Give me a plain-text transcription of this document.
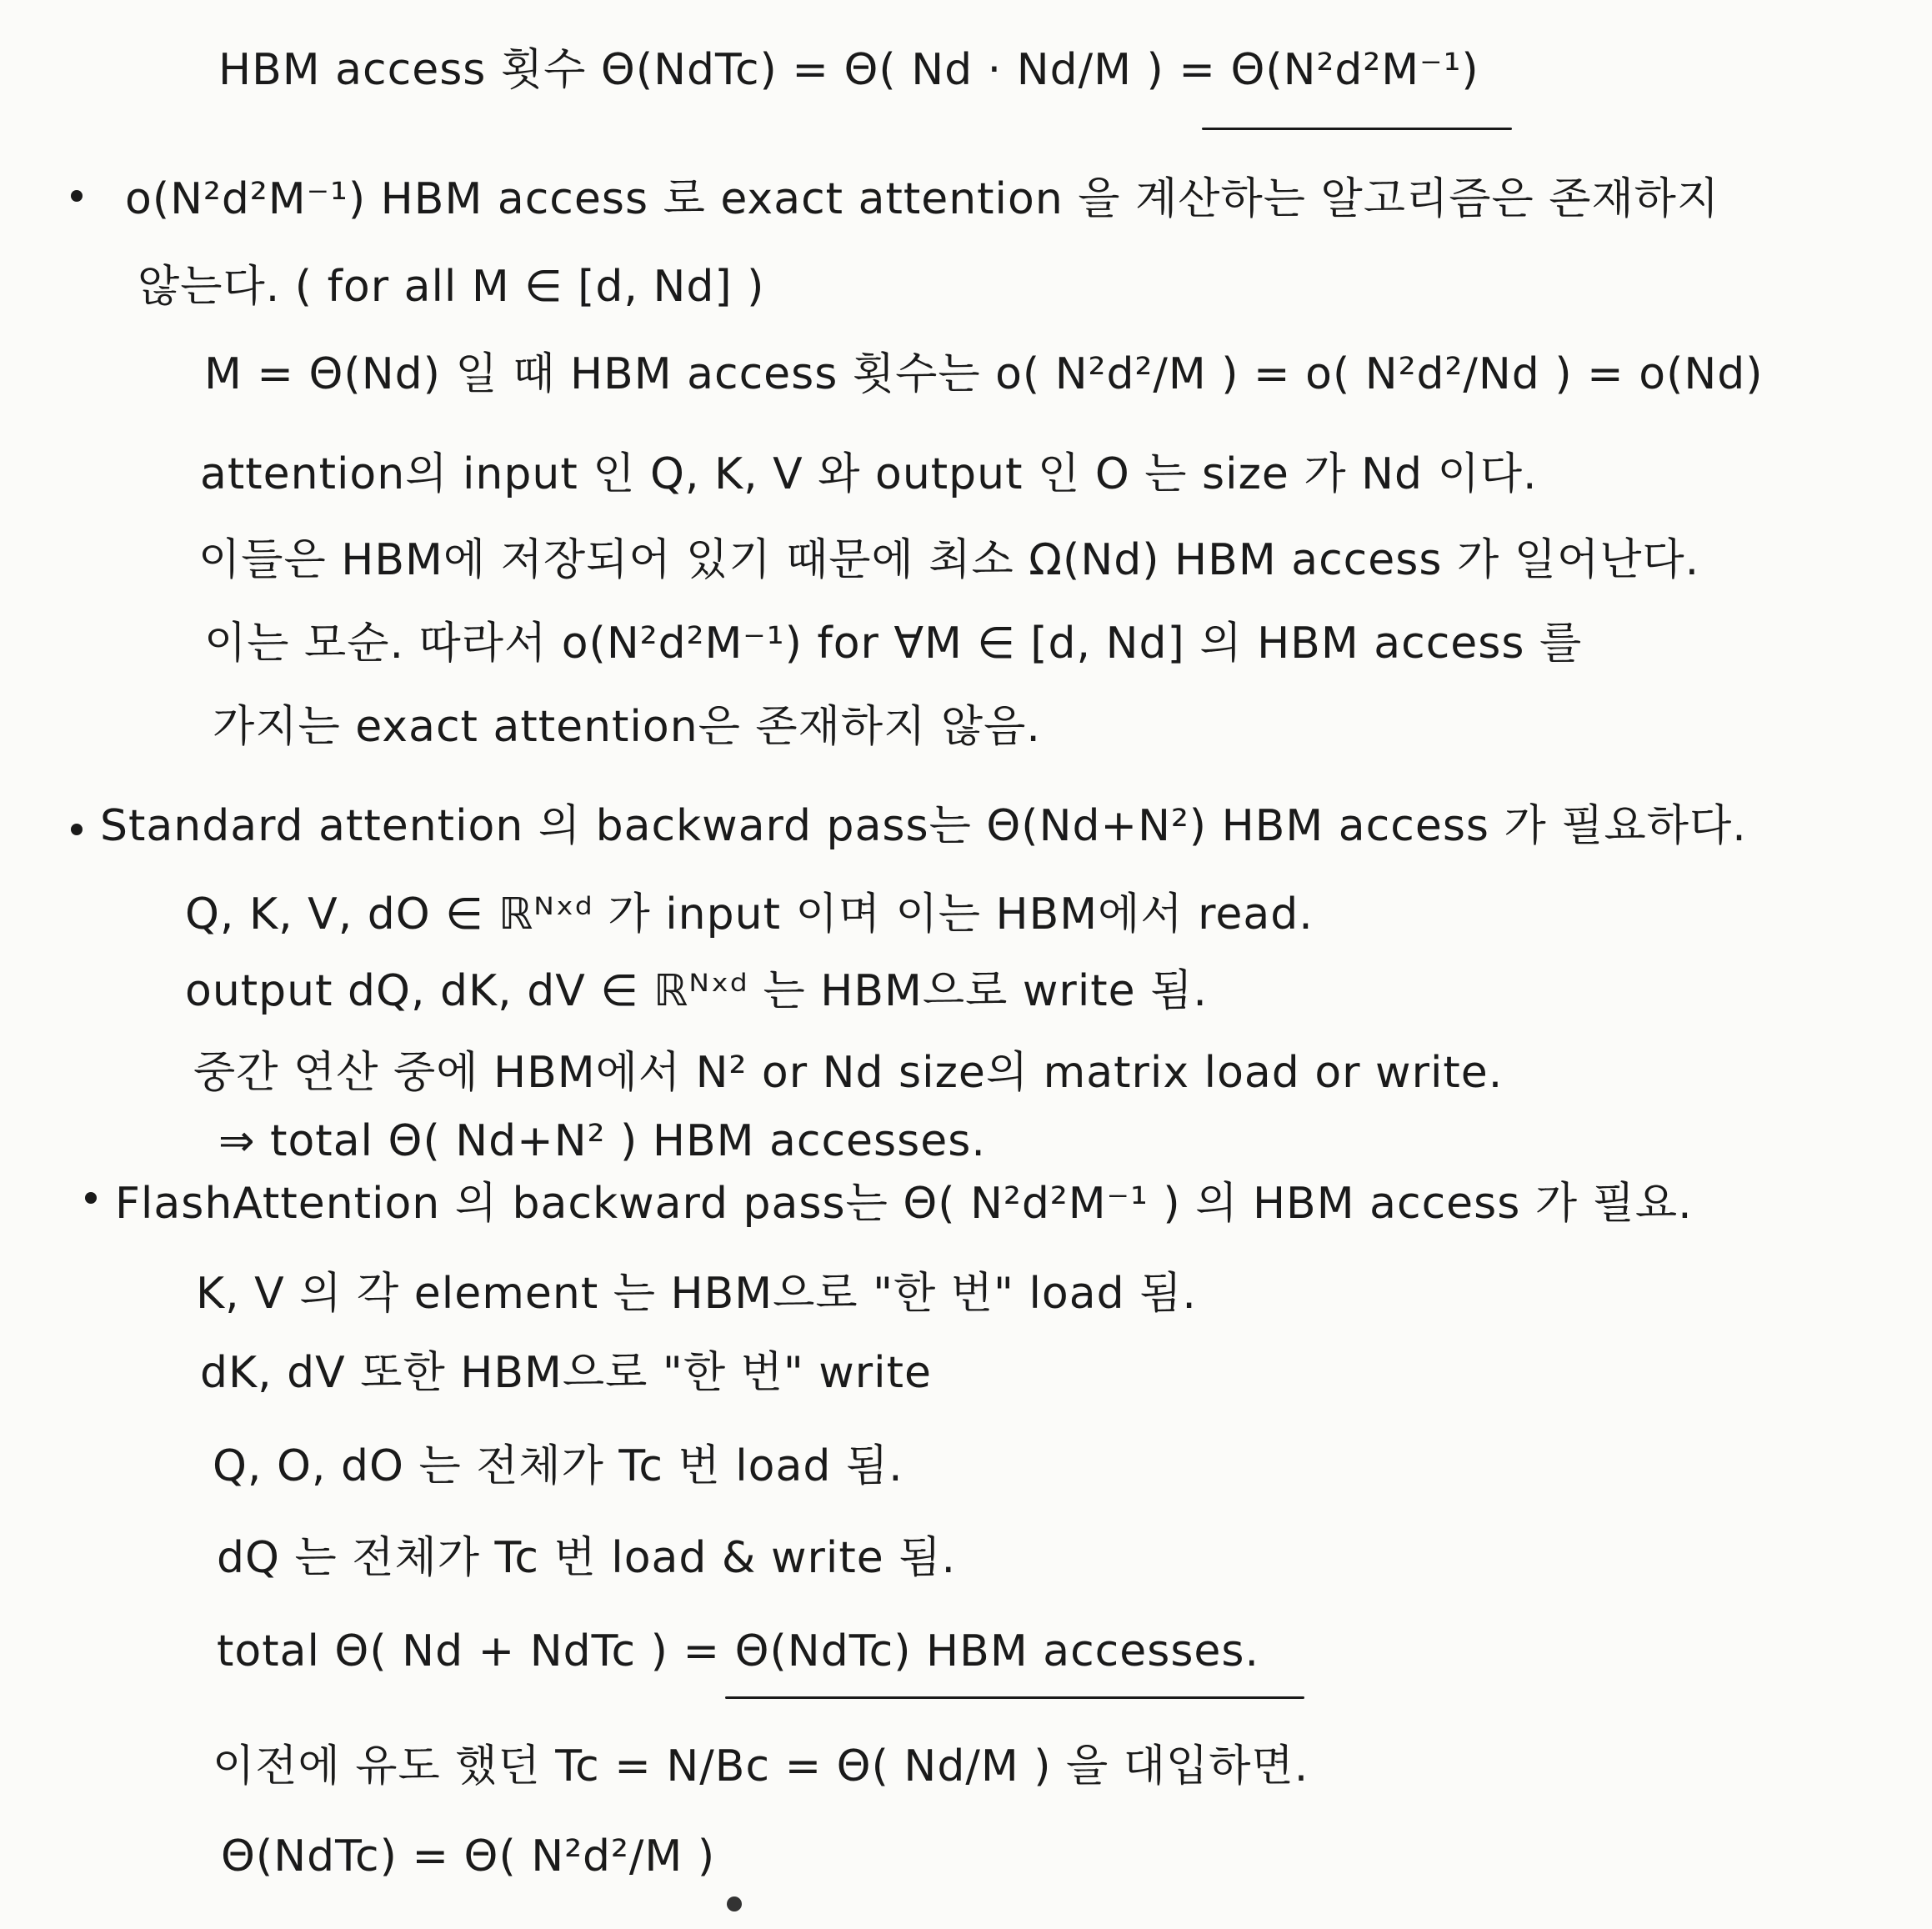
HBM access 횟수 Θ(NdTc) = Θ( Nd · Nd/M ) = Θ(N²d²M⁻¹)
o(N²d²M⁻¹) HBM access 로 exact attention 을 계산하는 알고리즘은 존재하지
않는다. ( for all M ∈ [d, Nd] )
M = Θ(Nd) 일 때 HBM access 횟수는 o( N²d²/M ) = o( N²d²/Nd ) = o(Nd)
attention의 input 인 Q, K, V 와 output 인 O 는 size 가 Nd 이다.
이들은 HBM에 저장되어 있기 때문에 최소 Ω(Nd) HBM access 가 일어난다.
이는 모순. 따라서 o(N²d²M⁻¹) for ∀M ∈ [d, Nd] 의 HBM access 를
가지는 exact attention은 존재하지 않음.
Standard attention 의 backward pass는 Θ(Nd+N²) HBM access 가 필요하다.
Q, K, V, dO ∈ ℝᴺˣᵈ 가 input 이며 이는 HBM에서 read.
output dQ, dK, dV ∈ ℝᴺˣᵈ 는 HBM으로 write 됨.
중간 연산 중에 HBM에서 N² or Nd size의 matrix load or write.
⇒ total Θ( Nd+N² ) HBM accesses.
FlashAttention 의 backward pass는 Θ( N²d²M⁻¹ ) 의 HBM access 가 필요.
K, V 의 각 element 는 HBM으로 "한 번" load 됨.
dK, dV 또한 HBM으로 "한 번" write
Q, O, dO 는 전체가 Tc 번 load 됨.
dQ 는 전체가 Tc 번 load & write 됨.
total Θ( Nd + NdTc ) = Θ(NdTc) HBM accesses.
이전에 유도 했던 Tc = N/Bc = Θ( Nd/M ) 을 대입하면.
Θ(NdTc) = Θ( N²d²/M )
